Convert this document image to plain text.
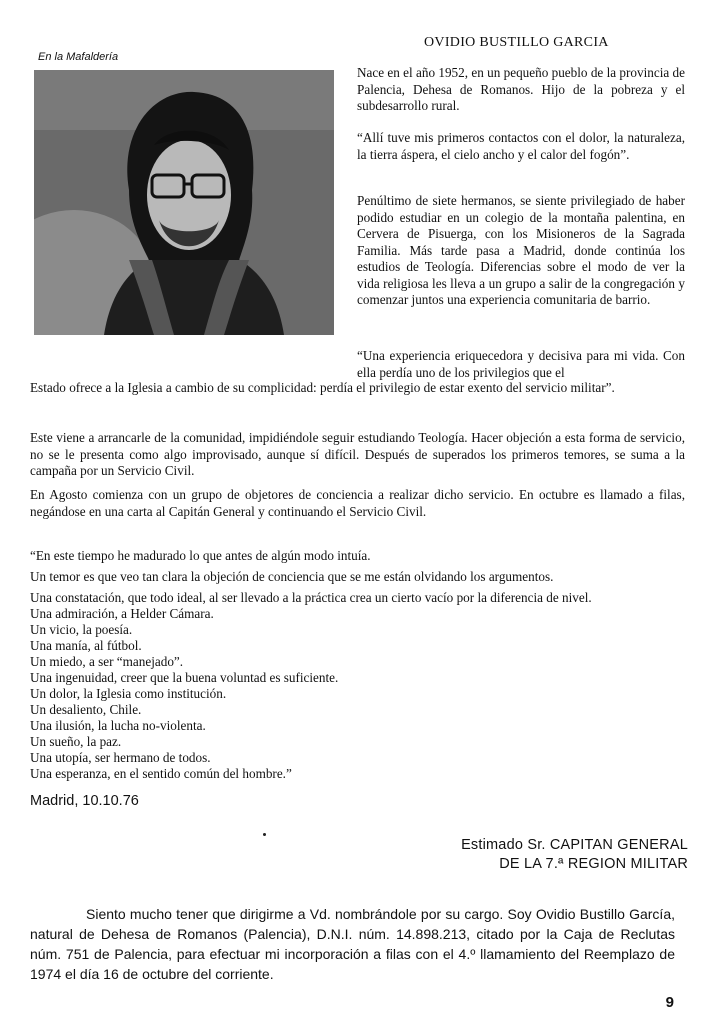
En la Mafaldería
OVIDIO BUSTILLO GARCIA

Nace en el año 1952, en un pequeño pueblo de la provincia de Palencia, Dehesa de Romanos. Hijo de la pobreza y el subdesarrollo rural.

“Allí tuve mis primeros contactos con el dolor, la naturaleza, la tierra áspera, el cielo ancho y el calor del fogón”.

Penúltimo de siete hermanos, se siente privilegiado de haber podido estudiar en un colegio de la montaña palentina, en Cervera de Pisuerga, con los Misioneros de la Sagrada Familia. Más tarde pasa a Madrid, donde continúa los estudios de Teología. Diferencias sobre el modo de ver la vida religiosa les lleva a un grupo a salir de la congregación y comenzar juntos una experiencia comunitaria de barrio.

“Una experiencia eriquecedora y decisiva para mi vida. Con ella perdía uno de los privilegios que el

Estado ofrece a la Iglesia a cambio de su complicidad: perdía el privilegio de estar exento del servicio militar”.

Este viene a arrancarle de la comunidad, impidiéndole seguir estudiando Teología. Hacer objeción a esta forma de servicio, no se le presenta como algo improvisado, aunque sí difícil. Después de superados los primeros temores, se suma a la campaña por un Servicio Civil.

En Agosto comienza con un grupo de objetores de conciencia a realizar dicho servicio. En octubre es llamado a filas, negándose en una carta al Capitán General y continuando el Servicio Civil.

“En este tiempo he madurado lo que antes de algún modo intuía.
Un temor es que veo tan clara la objeción de conciencia que se me están olvidando los argumentos.
Una constatación, que todo ideal, al ser llevado a la práctica crea un cierto vacío por la diferencia de nivel.
Una admiración, a Helder Cámara.
Un vicio, la poesía.
Una manía, al fútbol.
Un miedo, a ser “manejado”.
Una ingenuidad, creer que la buena voluntad es suficiente.
Un dolor, la Iglesia como institución.
Un desaliento, Chile.
Una ilusión, la lucha no-violenta.
Un sueño, la paz.
Una utopía, ser hermano de todos.
Una esperanza, en el sentido común del hombre.”
Madrid, 10.10.76
Estimado Sr. CAPITAN GENERAL
DE LA 7.ª REGION MILITAR

Siento mucho tener que dirigirme a Vd. nombrándole por su cargo. Soy Ovidio Bustillo García, natural de Dehesa de Romanos (Palencia), D.N.I. núm. 14.898.213, citado por la Caja de Reclutas núm. 751 de Palencia, para efectuar mi incorporación a filas con el 4.º llamamiento del Reemplazo de 1974 el día 16 de octubre del corriente.

9
